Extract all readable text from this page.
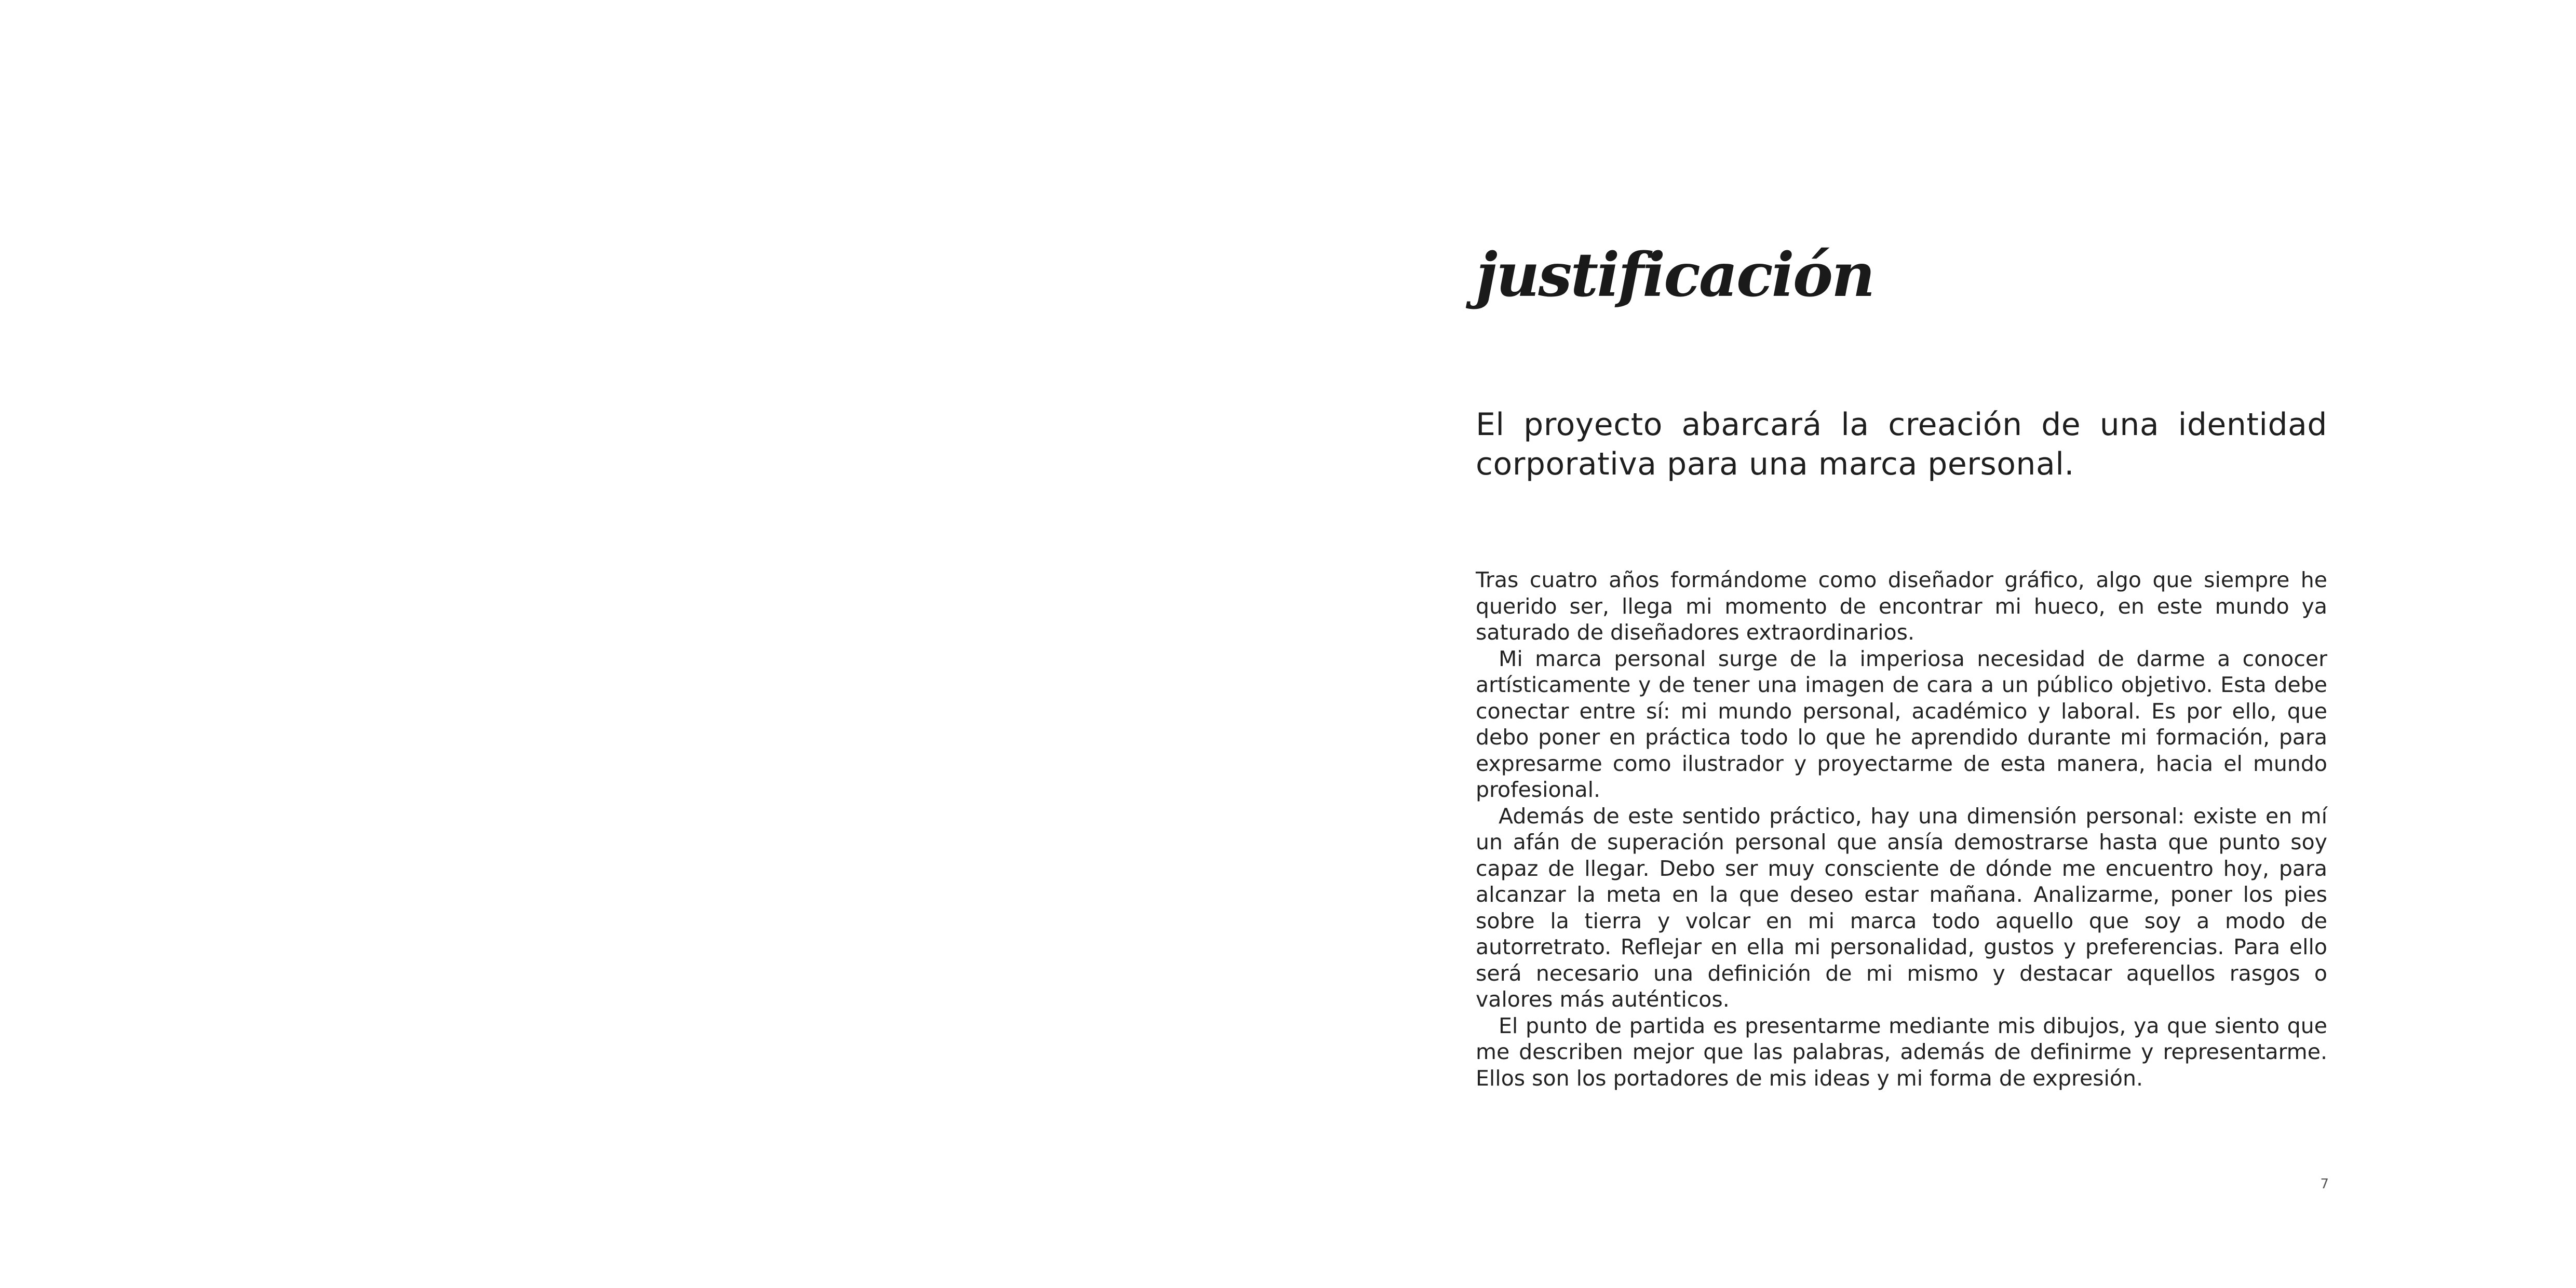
justificación

El proyecto abarcará la creación de una identidad corporativa para una marca personal.

Tras cuatro años formándome como diseñador gráfico, algo que siempre he querido ser, llega mi momento de encontrar mi hueco, en este mundo ya saturado de diseñadores extraordinarios.

Mi marca personal surge de la imperiosa necesidad de darme a conocer artísticamente y de tener una imagen de cara a un público objetivo. Esta debe conectar entre sí: mi mundo personal, académico y laboral. Es por ello, que debo poner en práctica todo lo que he aprendido durante mi formación, para expresarme como ilustrador y proyectarme de esta manera, hacia el mundo profesional.

Además de este sentido práctico, hay una dimensión personal: existe en mí un afán de superación personal que ansía demostrarse hasta que punto soy capaz de llegar. Debo ser muy consciente de dónde me encuentro hoy, para alcanzar la meta en la que deseo estar mañana. Analizarme, poner los pies sobre la tierra y volcar en mi marca todo aquello que soy a modo de autorretrato. Reflejar en ella mi personalidad, gustos y preferencias. Para ello será necesario una definición de mi mismo y destacar aquellos rasgos o valores más auténticos.

El punto de partida es presentarme mediante mis dibujos, ya que siento que me describen mejor que las palabras, además de definirme y representarme. Ellos son los portadores de mis ideas y mi forma de expresión.

7
